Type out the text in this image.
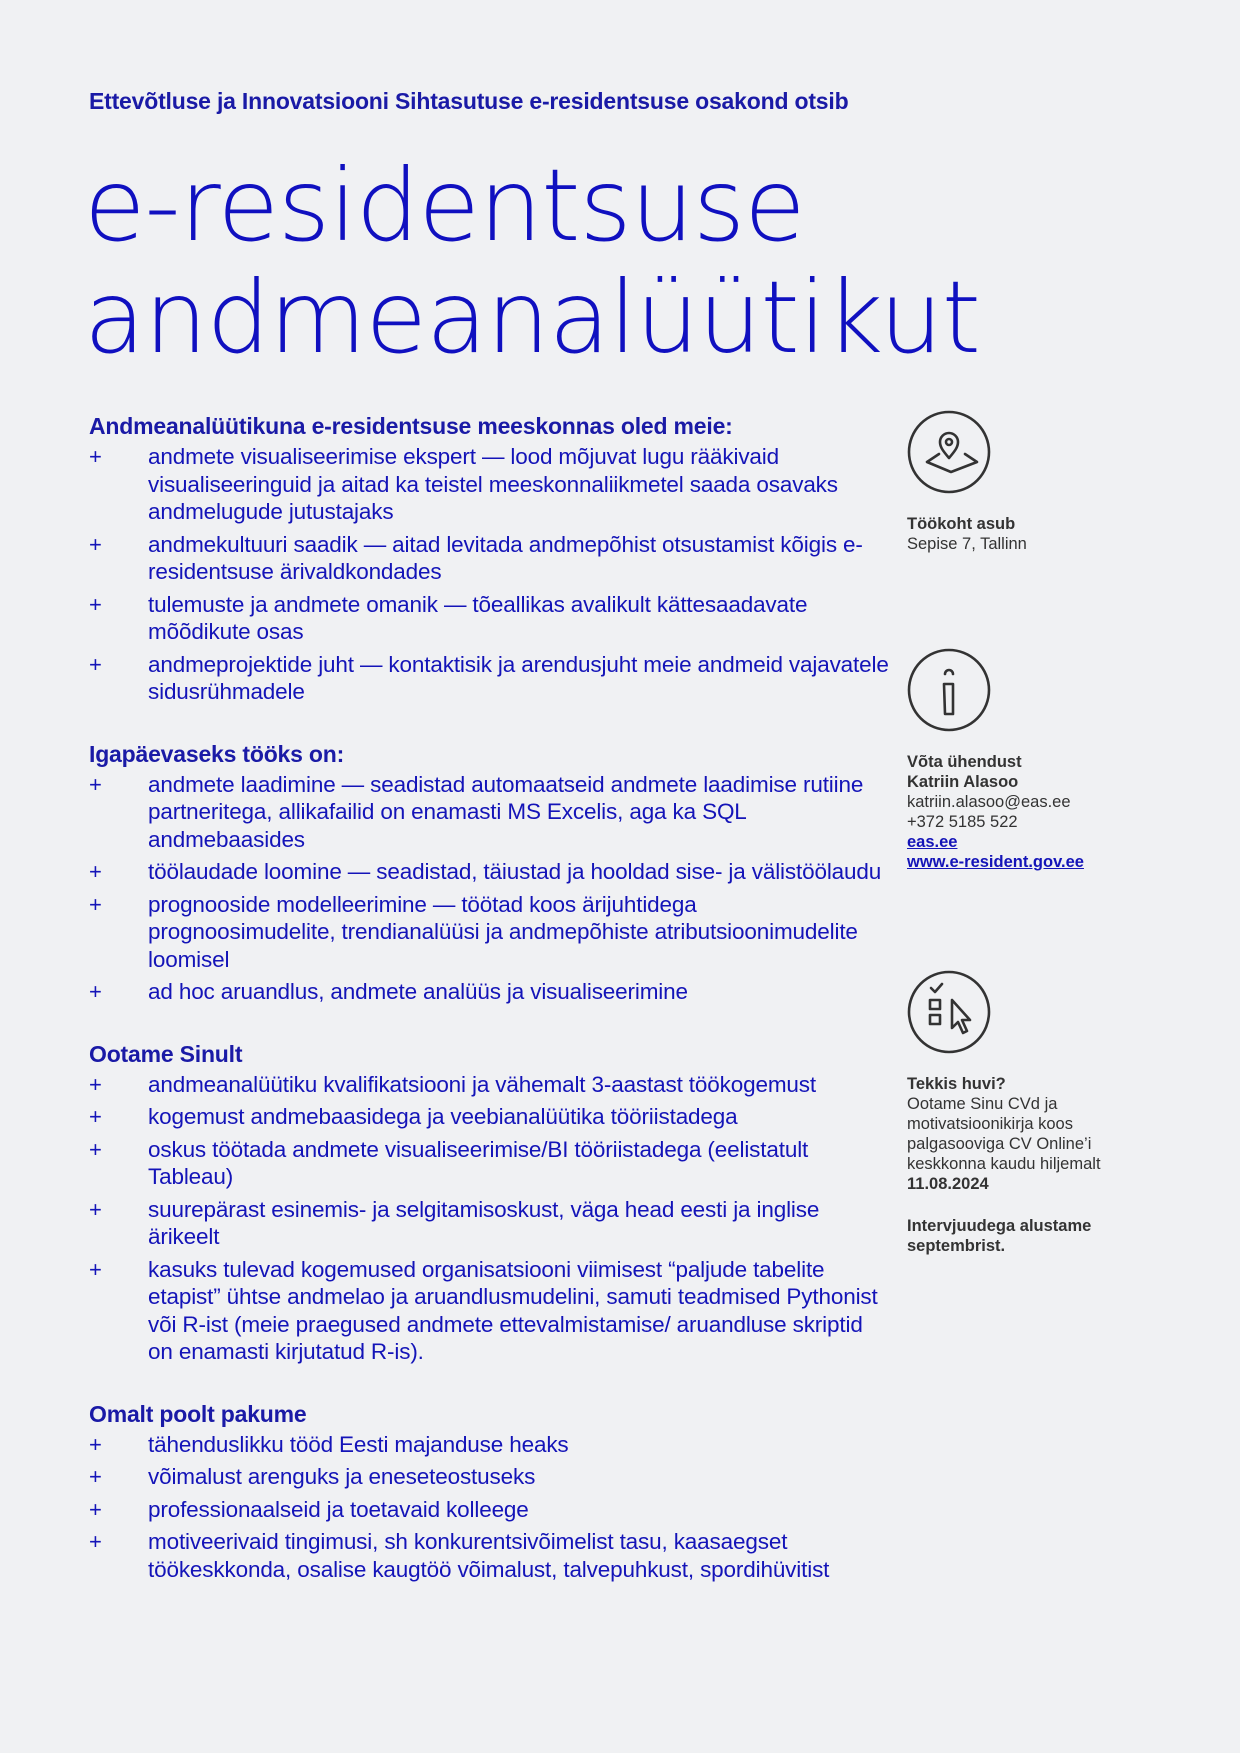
Ettevõtluse ja Innovatsiooni Sihtasutuse e-residentsuse osakond otsib
e-residentsuse
andmeanalüütikut
Andmeanalüütikuna e-residentsuse meeskonnas oled meie:
+	andmete visualiseerimise ekspert — lood mõjuvat lugu rääkivaid visualiseeringuid ja aitad ka teistel meeskonnaliikmetel saada osavaks andmelugude jutustajaks
+	andmekultuuri saadik — aitad levitada andmepõhist otsustamist kõigis e-residentsuse ärivaldkondades
+	tulemuste ja andmete omanik — tõeallikas avalikult kättesaadavate mõõdikute osas
+	andmeprojektide juht — kontaktisik ja arendusjuht meie andmeid vajavatele sidusrühmadele
Igapäevaseks tööks on:
+	andmete laadimine — seadistad automaatseid andmete laadimise rutiine partneritega, allikafailid on enamasti MS Excelis, aga ka SQL andmebaasides
+	töölaudade loomine — seadistad, täiustad ja hooldad sise- ja välistöölaudu
+	prognooside modelleerimine — töötad koos ärijuhtidega prognoosimudelite, trendianalüüsi ja andmepõhiste atributsioonimudelite loomisel
+	ad hoc aruandlus, andmete analüüs ja visualiseerimine
Ootame Sinult
+	andmeanalüütiku kvalifikatsiooni ja vähemalt 3-aastast töökogemust
+	kogemust andmebaasidega ja veebianalüütika tööriistadega
+	oskus töötada andmete visualiseerimise/BI tööriistadega (eelistatult Tableau)
+	suurepärast esinemis- ja selgitamisoskust, väga head eesti ja inglise ärikeelt
+	kasuks tulevad kogemused organisatsiooni viimisest “paljude tabelite etapist” ühtse andmelao ja aruandlusmudelini, samuti teadmised Pythonist või R-ist (meie praegused andmete ettevalmistamise/ aruandluse skriptid on enamasti kirjutatud R-is).
Omalt poolt pakume
+	tähenduslikku tööd Eesti majanduse heaks
+	võimalust arenguks ja eneseteostuseks
+	professionaalseid ja toetavaid kolleege
+	motiveerivaid tingimusi, sh konkurentsivõimelist tasu, kaasaegset töökeskkonda, osalise kaugtöö võimalust, talvepuhkust, spordihüvitist

Töökoht asub

Sepise 7, Tallinn

Võta ühendust

Katriin Alasoo

katriin.alasoo@eas.ee

+372 5185 522

eas.ee
www.e-resident.gov.ee

Tekkis huvi?

Ootame Sinu CVd ja motivatsioonikirja koos palgasooviga CV Online’i keskkonna kaudu hiljemalt 11.08.2024

Intervjuudega alustame septembrist.
